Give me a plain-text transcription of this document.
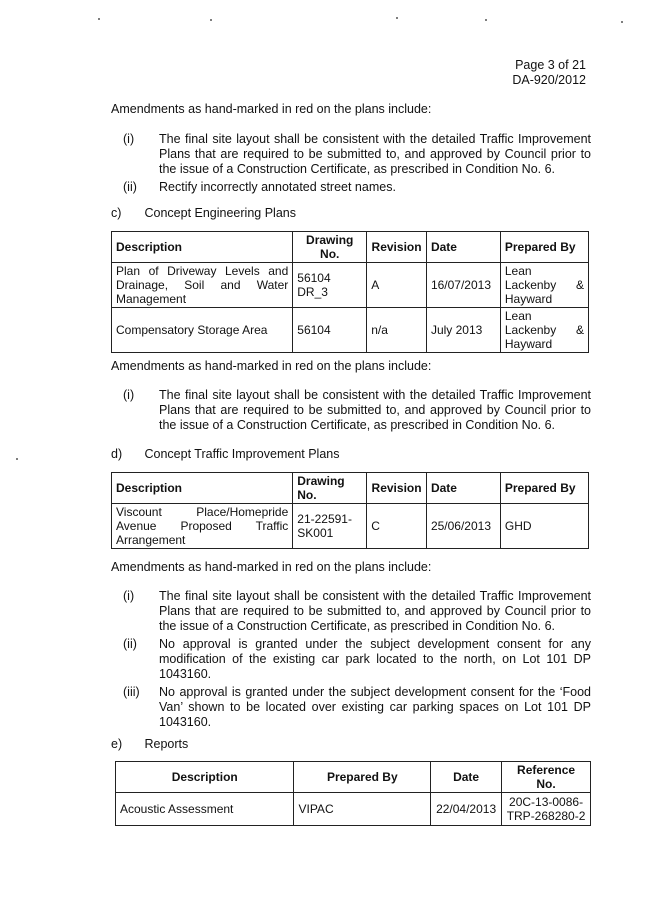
Page 3 of 21
DA-920/2012
Amendments as hand-marked in red on the plans include:
(i)	The final site layout shall be consistent with the detailed Traffic Improvement Plans that are required to be submitted to, and approved by Council prior to the issue of a Construction Certificate, as prescribed in Condition No. 6.
(ii)	Rectify incorrectly annotated street names.
c) Concept Engineering Plans
Description	Drawing No.	Revision	Date	Prepared By
Plan of Driveway Levels and Drainage, Soil and Water Management	56104 DR_3	A	16/07/2013	Lean Lackenby & Hayward
Compensatory Storage Area	56104	n/a	July 2013	Lean Lackenby & Hayward
Amendments as hand-marked in red on the plans include:
(i)	The final site layout shall be consistent with the detailed Traffic Improvement Plans that are required to be submitted to, and approved by Council prior to the issue of a Construction Certificate, as prescribed in Condition No. 6.
d) Concept Traffic Improvement Plans
Description	Drawing No.	Revision	Date	Prepared By
Viscount Place/Homepride Avenue Proposed Traffic Arrangement	21-22591-SK001	C	25/06/2013	GHD
Amendments as hand-marked in red on the plans include:
(i)	The final site layout shall be consistent with the detailed Traffic Improvement Plans that are required to be submitted to, and approved by Council prior to the issue of a Construction Certificate, as prescribed in Condition No. 6.
(ii)	No approval is granted under the subject development consent for any modification of the existing car park located to the north, on Lot 101 DP 1043160.
(iii)	No approval is granted under the subject development consent for the ‘Food Van’ shown to be located over existing car parking spaces on Lot 101 DP 1043160.
e) Reports
Description	Prepared By	Date	Reference No.
Acoustic Assessment	VIPAC	22/04/2013	20C-13-0086-TRP-268280-2
